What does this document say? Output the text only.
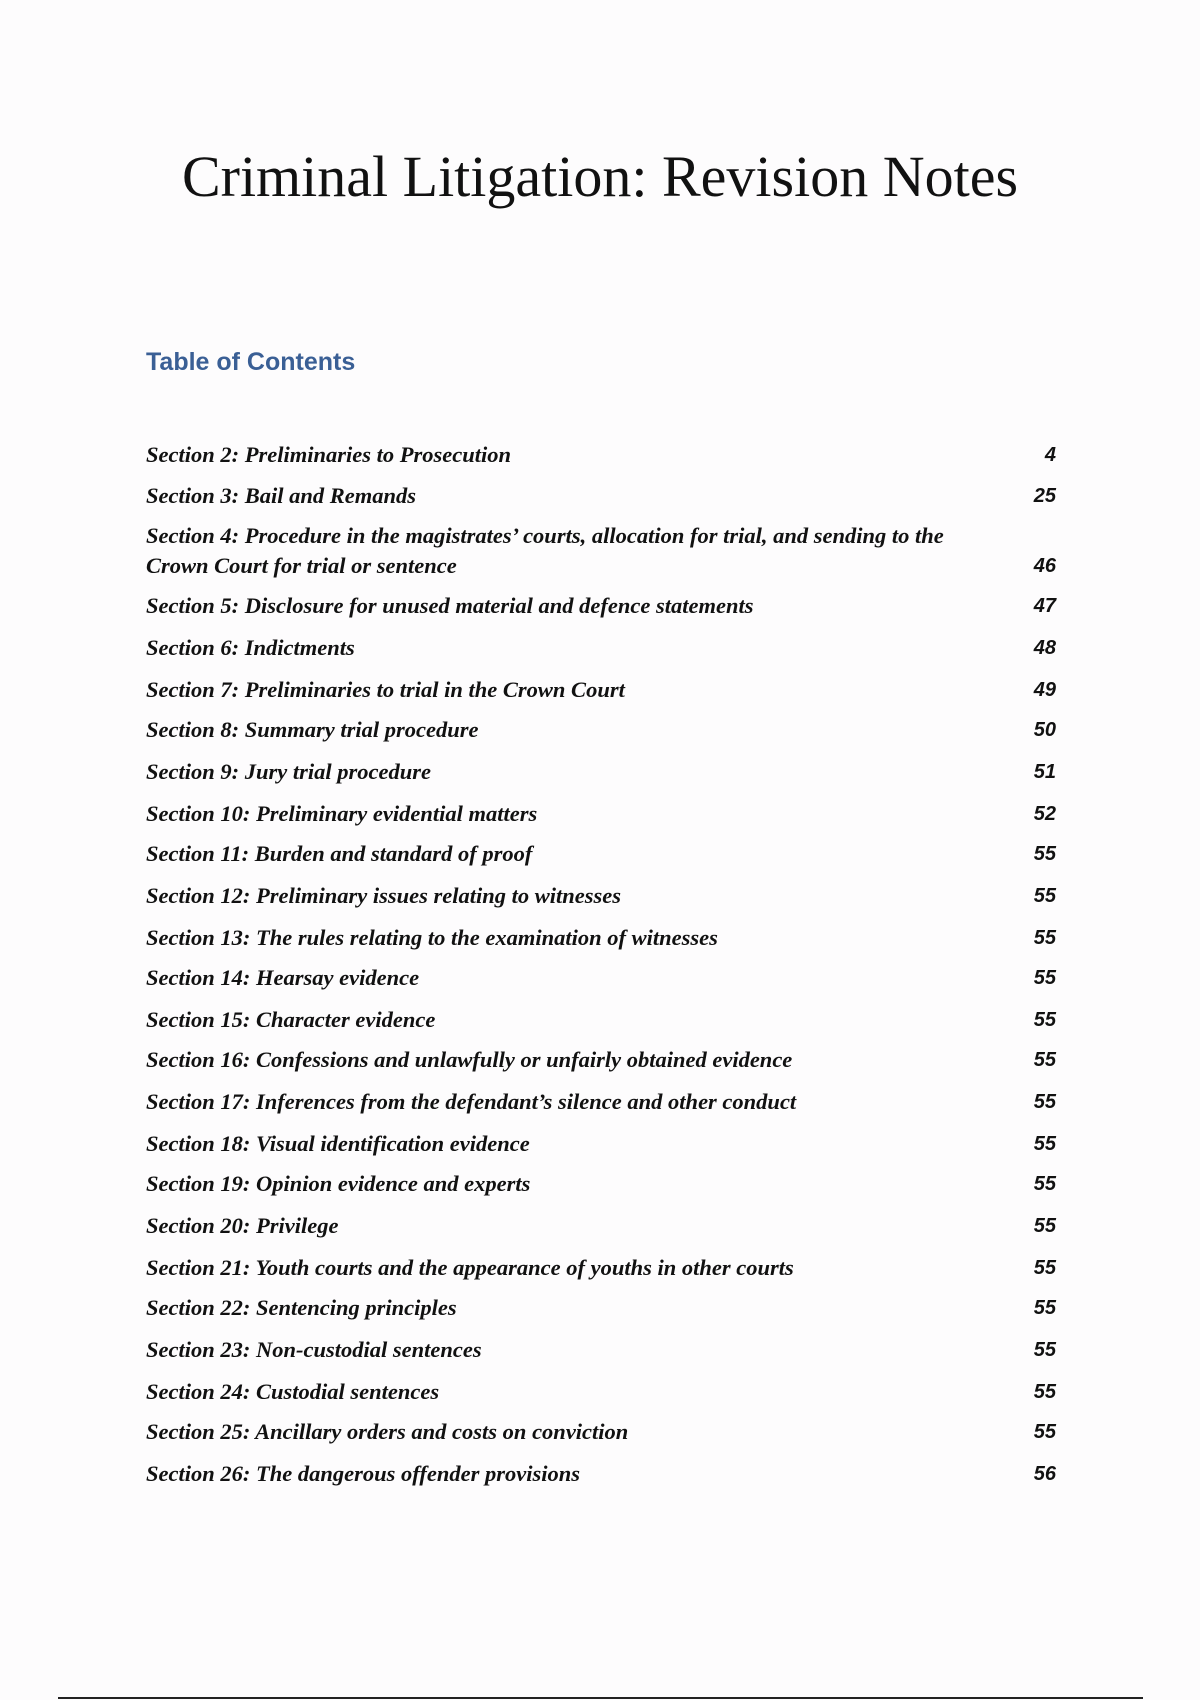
Criminal Litigation: Revision Notes
Table of Contents
Section 2: Preliminaries to Prosecution	4
Section 3: Bail and Remands	25
Section 4: Procedure in the magistrates’ courts, allocation for trial, and sending to the Crown Court for trial or sentence	46
Section 5: Disclosure for unused material and defence statements	47
Section 6: Indictments	48
Section 7: Preliminaries to trial in the Crown Court	49
Section 8: Summary trial procedure	50
Section 9: Jury trial procedure	51
Section 10: Preliminary evidential matters	52
Section 11: Burden and standard of proof	55
Section 12: Preliminary issues relating to witnesses	55
Section 13: The rules relating to the examination of witnesses	55
Section 14: Hearsay evidence	55
Section 15: Character evidence	55
Section 16: Confessions and unlawfully or unfairly obtained evidence	55
Section 17: Inferences from the defendant’s silence and other conduct	55
Section 18: Visual identification evidence	55
Section 19: Opinion evidence and experts	55
Section 20: Privilege	55
Section 21: Youth courts and the appearance of youths in other courts	55
Section 22: Sentencing principles	55
Section 23: Non-custodial sentences	55
Section 24: Custodial sentences	55
Section 25: Ancillary orders and costs on conviction	55
Section 26: The dangerous offender provisions	56
